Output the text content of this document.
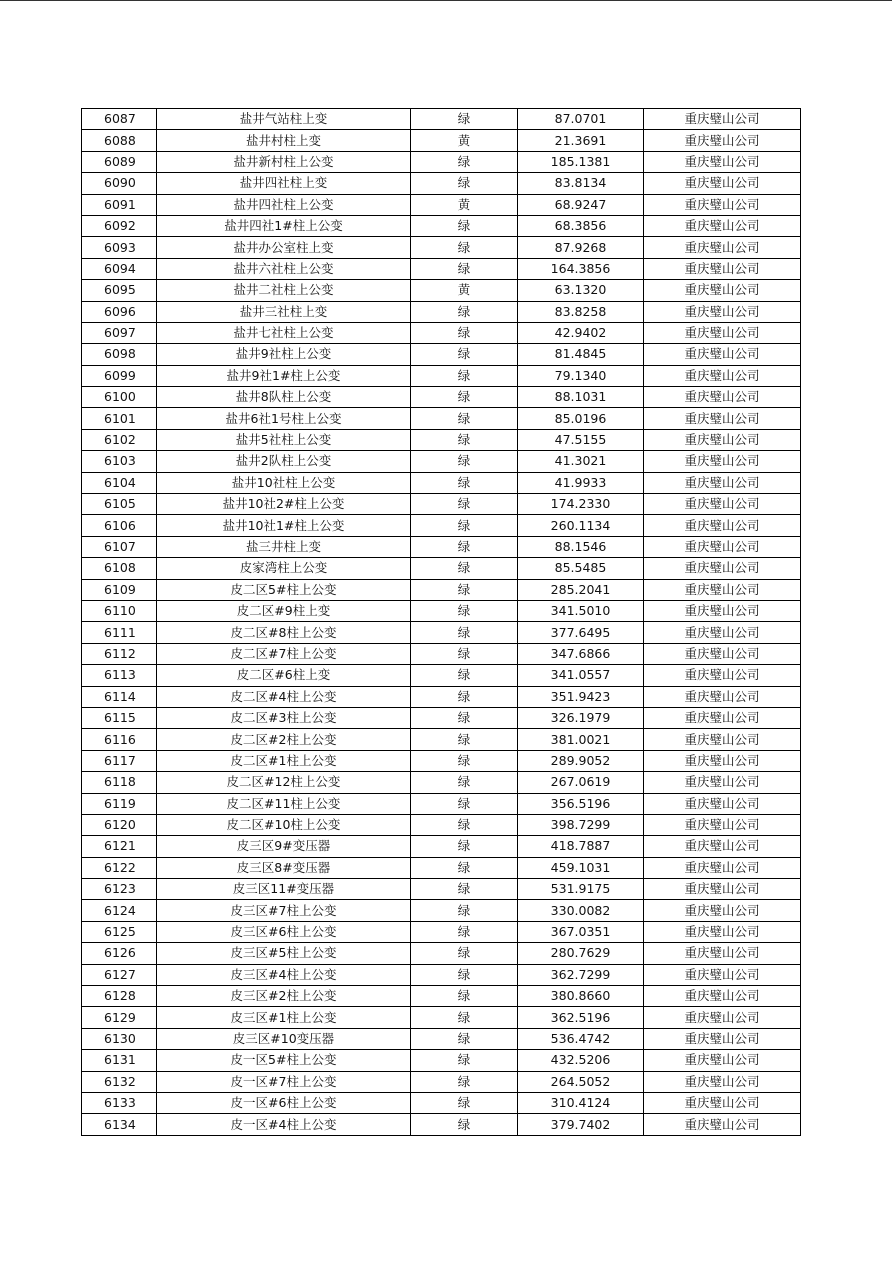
6087	盐井气站柱上变	绿	87.0701	重庆璧山公司
6088	盐井村柱上变	黄	21.3691	重庆璧山公司
6089	盐井新村柱上公变	绿	185.1381	重庆璧山公司
6090	盐井四社柱上变	绿	83.8134	重庆璧山公司
6091	盐井四社柱上公变	黄	68.9247	重庆璧山公司
6092	盐井四社1#柱上公变	绿	68.3856	重庆璧山公司
6093	盐井办公室柱上变	绿	87.9268	重庆璧山公司
6094	盐井六社柱上公变	绿	164.3856	重庆璧山公司
6095	盐井二社柱上公变	黄	63.1320	重庆璧山公司
6096	盐井三社柱上变	绿	83.8258	重庆璧山公司
6097	盐井七社柱上公变	绿	42.9402	重庆璧山公司
6098	盐井9社柱上公变	绿	81.4845	重庆璧山公司
6099	盐井9社1#柱上公变	绿	79.1340	重庆璧山公司
6100	盐井8队柱上公变	绿	88.1031	重庆璧山公司
6101	盐井6社1号柱上公变	绿	85.0196	重庆璧山公司
6102	盐井5社柱上公变	绿	47.5155	重庆璧山公司
6103	盐井2队柱上公变	绿	41.3021	重庆璧山公司
6104	盐井10社柱上公变	绿	41.9933	重庆璧山公司
6105	盐井10社2#柱上公变	绿	174.2330	重庆璧山公司
6106	盐井10社1#柱上公变	绿	260.1134	重庆璧山公司
6107	盐三井柱上变	绿	88.1546	重庆璧山公司
6108	皮家湾柱上公变	绿	85.5485	重庆璧山公司
6109	皮二区5#柱上公变	绿	285.2041	重庆璧山公司
6110	皮二区#9柱上变	绿	341.5010	重庆璧山公司
6111	皮二区#8柱上公变	绿	377.6495	重庆璧山公司
6112	皮二区#7柱上公变	绿	347.6866	重庆璧山公司
6113	皮二区#6柱上变	绿	341.0557	重庆璧山公司
6114	皮二区#4柱上公变	绿	351.9423	重庆璧山公司
6115	皮二区#3柱上公变	绿	326.1979	重庆璧山公司
6116	皮二区#2柱上公变	绿	381.0021	重庆璧山公司
6117	皮二区#1柱上公变	绿	289.9052	重庆璧山公司
6118	皮二区#12柱上公变	绿	267.0619	重庆璧山公司
6119	皮二区#11柱上公变	绿	356.5196	重庆璧山公司
6120	皮二区#10柱上公变	绿	398.7299	重庆璧山公司
6121	皮三区9#变压器	绿	418.7887	重庆璧山公司
6122	皮三区8#变压器	绿	459.1031	重庆璧山公司
6123	皮三区11#变压器	绿	531.9175	重庆璧山公司
6124	皮三区#7柱上公变	绿	330.0082	重庆璧山公司
6125	皮三区#6柱上公变	绿	367.0351	重庆璧山公司
6126	皮三区#5柱上公变	绿	280.7629	重庆璧山公司
6127	皮三区#4柱上公变	绿	362.7299	重庆璧山公司
6128	皮三区#2柱上公变	绿	380.8660	重庆璧山公司
6129	皮三区#1柱上公变	绿	362.5196	重庆璧山公司
6130	皮三区#10变压器	绿	536.4742	重庆璧山公司
6131	皮一区5#柱上公变	绿	432.5206	重庆璧山公司
6132	皮一区#7柱上公变	绿	264.5052	重庆璧山公司
6133	皮一区#6柱上公变	绿	310.4124	重庆璧山公司
6134	皮一区#4柱上公变	绿	379.7402	重庆璧山公司
